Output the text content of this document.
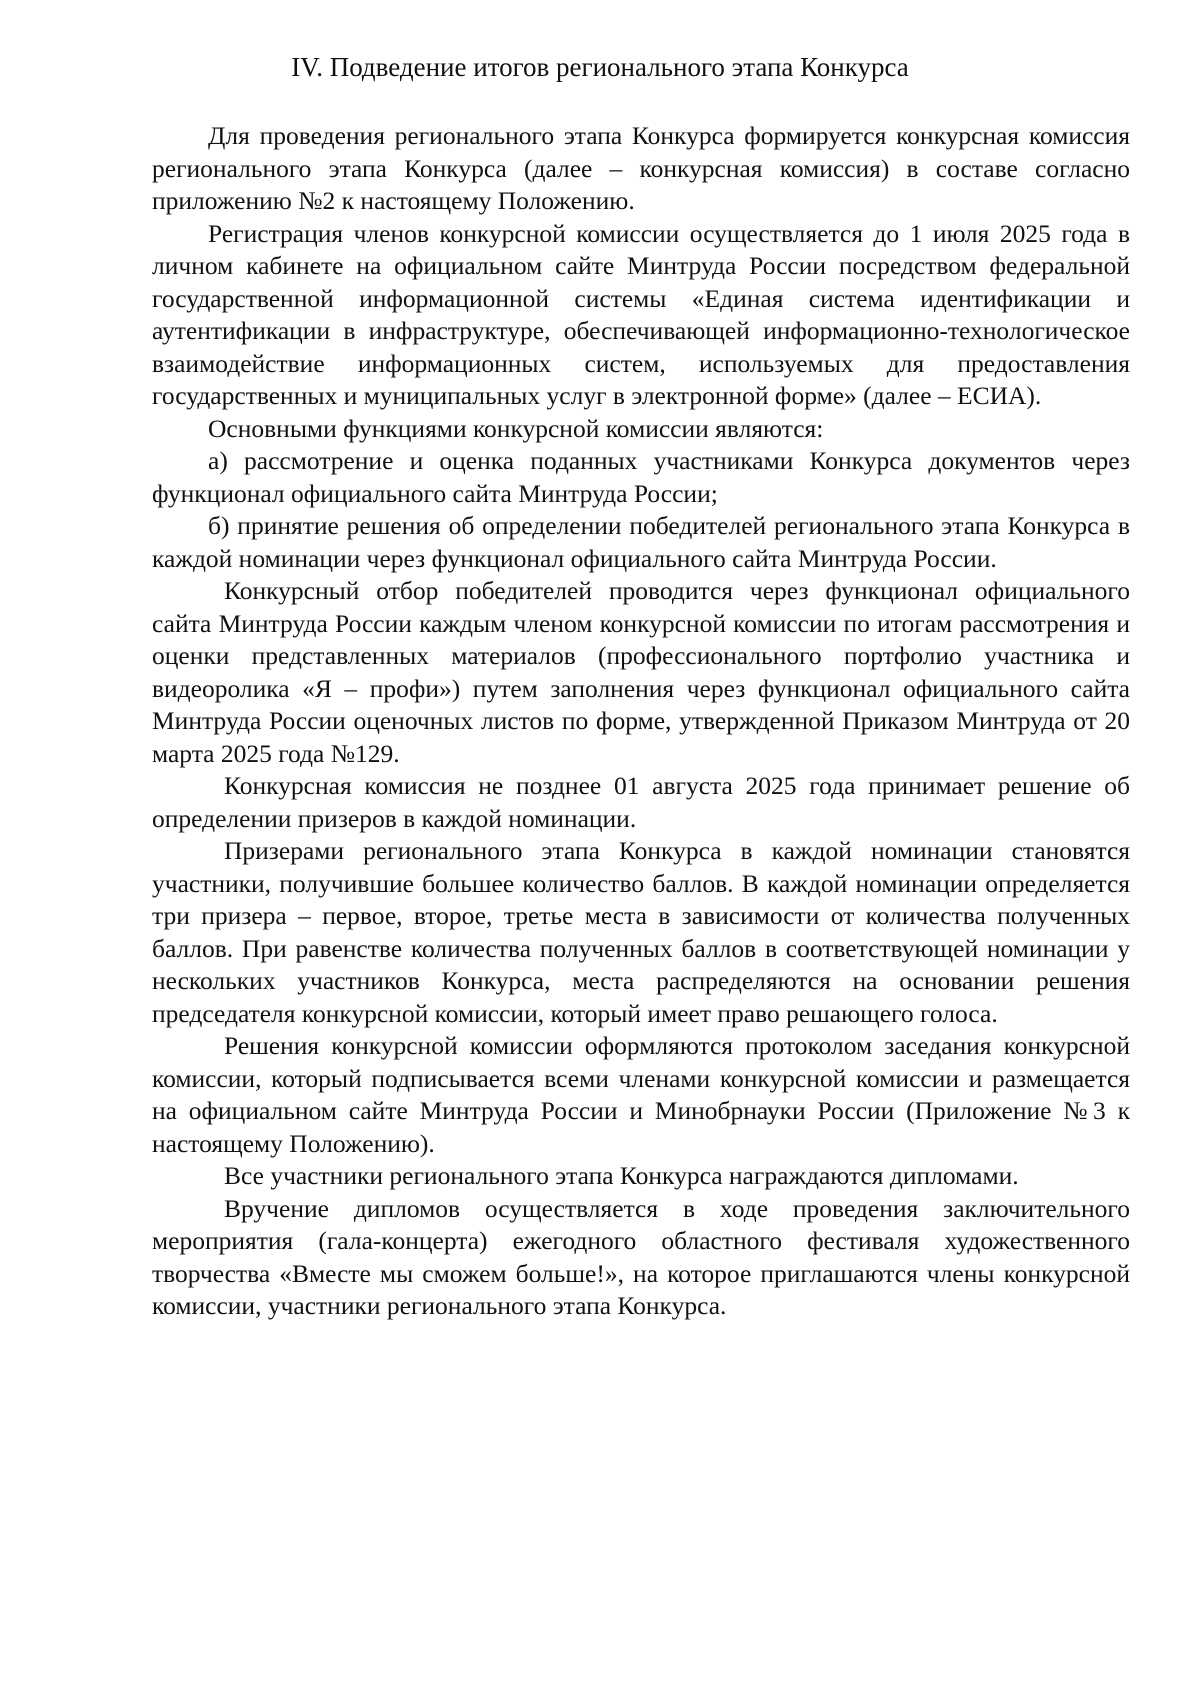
IV. Подведение итогов регионального этапа Конкурса

Для проведения регионального этапа Конкурса формируется конкурсная комиссия регионального этапа Конкурса (далее – конкурсная комиссия) в составе согласно приложению №2 к настоящему Положению.

Регистрация членов конкурсной комиссии осуществляется до 1 июля 2025 года в личном кабинете на официальном сайте Минтруда России посредством федеральной государственной информационной системы «Единая система идентификации и аутентификации в инфраструктуре, обеспечивающей информационно-технологическое взаимодействие информационных систем, используемых для предоставления государственных и муниципальных услуг в электронной форме» (далее – ЕСИА).

Основными функциями конкурсной комиссии являются:

а) рассмотрение и оценка поданных участниками Конкурса документов через функционал официального сайта Минтруда России;

б) принятие решения об определении победителей регионального этапа Конкурса в каждой номинации через функционал официального сайта Минтруда России.

Конкурсный отбор победителей проводится через функционал официального сайта Минтруда России каждым членом конкурсной комиссии по итогам рассмотрения и оценки представленных материалов (профессионального портфолио участника и видеоролика «Я – профи») путем заполнения через функционал официального сайта Минтруда России оценочных листов по форме, утвержденной Приказом Минтруда от 20 марта 2025 года №129.

Конкурсная комиссия не позднее 01 августа 2025 года принимает решение об определении призеров в каждой номинации.

Призерами регионального этапа Конкурса в каждой номинации становятся участники, получившие большее количество баллов. В каждой номинации определяется три призера – первое, второе, третье места в зависимости от количества полученных баллов. При равенстве количества полученных баллов в соответствующей номинации у нескольких участников Конкурса, места распределяются на основании решения председателя конкурсной комиссии, который имеет право решающего голоса.

Решения конкурсной комиссии оформляются протоколом заседания конкурсной комиссии, который подписывается всеми членами конкурсной комиссии и размещается на официальном сайте Минтруда России и Минобрнауки России (Приложение №3 к настоящему Положению).

Все участники регионального этапа Конкурса награждаются дипломами.

Вручение дипломов осуществляется в ходе проведения заключительного мероприятия (гала-концерта) ежегодного областного фестиваля художественного творчества «Вместе мы сможем больше!», на которое приглашаются члены конкурсной комиссии, участники регионального этапа Конкурса.
